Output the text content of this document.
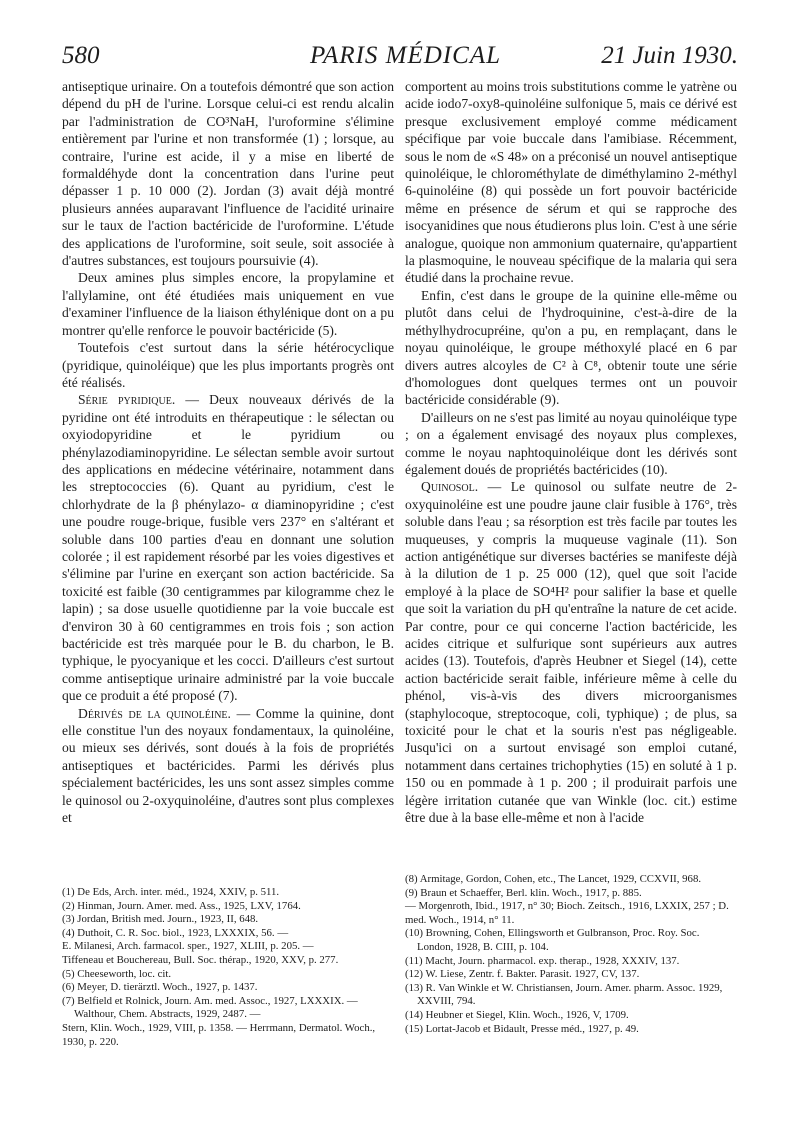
580	PARIS MÉDICAL	21 Juin 1930.

antiseptique urinaire. On a toutefois démontré que son action dépend du pH de l'urine. Lorsque celui-ci est rendu alcalin par l'administration de CO³NaH, l'uroformine s'élimine entièrement par l'urine et non transformée (1) ; lorsque, au contraire, l'urine est acide, il y a mise en liberté de formaldéhyde dont la concentration dans l'urine peut dépasser 1 p. 10 000 (2). Jordan (3) avait déjà montré plusieurs années auparavant l'influence de l'acidité urinaire sur le taux de l'action bactéricide de l'uroformine. L'étude des applications de l'uroformine, soit seule, soit associée à d'autres substances, est toujours poursuivie (4).

Deux amines plus simples encore, la propylamine et l'allylamine, ont été étudiées mais uniquement en vue d'examiner l'influence de la liaison éthylénique dont on a pu montrer qu'elle renforce le pouvoir bactéricide (5).

Toutefois c'est surtout dans la série hétérocyclique (pyridique, quinoléique) que les plus importants progrès ont été réalisés.

Série pyridique. — Deux nouveaux dérivés de la pyridine ont été introduits en thérapeutique : le sélectan ou oxyiodopyridine et le pyridium ou phénylazodiaminopyridine. Le sélectan semble avoir surtout des applications en médecine vétérinaire, notamment dans les streptococcies (6). Quant au pyridium, c'est le chlorhydrate de la β phénylazo- α diaminopyridine ; c'est une poudre rouge-brique, fusible vers 237° en s'altérant et soluble dans 100 parties d'eau en donnant une solution colorée ; il est rapidement résorbé par les voies digestives et s'élimine par l'urine en exerçant son action bactéricide. Sa toxicité est faible (30 centigrammes par kilogramme chez le lapin) ; sa dose usuelle quotidienne par la voie buccale est d'environ 30 à 60 centigrammes en trois fois ; son action bactéricide est très marquée pour le B. du charbon, le B. typhique, le pyocyanique et les cocci. D'ailleurs c'est surtout comme antiseptique urinaire administré par la voie buccale que ce produit a été proposé (7).

Dérivés de la quinoléine. — Comme la quinine, dont elle constitue l'un des noyaux fondamentaux, la quinoléine, ou mieux ses dérivés, sont doués à la fois de propriétés antiseptiques et bactéricides. Parmi les dérivés plus spécialement bactéricides, les uns sont assez simples comme le quinosol ou 2-oxyquinoléine, d'autres sont plus complexes et

comportent au moins trois substitutions comme le yatrène ou acide iodo7-oxy8-quinoléine sulfonique 5, mais ce dérivé est presque exclusivement employé comme médicament spécifique par voie buccale dans l'amibiase. Récemment, sous le nom de «S 48» on a préconisé un nouvel antiseptique quinoléique, le chlorométhylate de diméthylamino 2-méthyl 6-quinoléine (8) qui possède un fort pouvoir bactéricide même en présence de sérum et qui se rapproche des isocyanidines que nous étudierons plus loin. C'est à une série analogue, quoique non ammonium quaternaire, qu'appartient la plasmoquine, le nouveau spécifique de la malaria qui sera étudié dans la prochaine revue.

Enfin, c'est dans le groupe de la quinine elle-même ou plutôt dans celui de l'hydroquinine, c'est-à-dire de la méthylhydrocupréine, qu'on a pu, en remplaçant, dans le noyau quinoléique, le groupe méthoxylé placé en 6 par divers autres alcoyles de C² à C⁸, obtenir toute une série d'homologues dont quelques termes ont un pouvoir bactéricide considérable (9).

D'ailleurs on ne s'est pas limité au noyau quinoléique type ; on a également envisagé des noyaux plus complexes, comme le noyau naphtoquinoléique dont les dérivés sont également doués de propriétés bactéricides (10).

Quinosol. — Le quinosol ou sulfate neutre de 2-oxyquinoléine est une poudre jaune clair fusible à 176°, très soluble dans l'eau ; sa résorption est très facile par toutes les muqueuses, y compris la muqueuse vaginale (11). Son action antigénétique sur diverses bactéries se manifeste déjà à la dilution de 1 p. 25 000 (12), quel que soit l'acide employé à la place de SO⁴H² pour salifier la base et quelle que soit la variation du pH qu'entraîne la nature de cet acide. Par contre, pour ce qui concerne l'action bactéricide, les acides citrique et sulfurique sont supérieurs aux autres acides (13). Toutefois, d'après Heubner et Siegel (14), cette action bactéricide serait faible, inférieure même à celle du phénol, vis-à-vis des divers microorganismes (staphylocoque, streptocoque, coli, typhique) ; de plus, sa toxicité pour le chat et la souris n'est pas négligeable. Jusqu'ici on a surtout envisagé son emploi cutané, notamment dans certaines trichophyties (15) en soluté à 1 p. 150 ou en pommade à 1 p. 200 ; il produirait parfois une légère irritation cutanée que van Winkle (loc. cit.) estime être due à la base elle-même et non à l'acide

(1) De Eds, Arch. inter. méd., 1924, XXIV, p. 511.
(2) Hinman, Journ. Amer. med. Ass., 1925, LXV, 1764.
(3) Jordan, British med. Journ., 1923, II, 648.
(4) Duthoit, C. R. Soc. biol., 1923, LXXXIX, 56. —
E. Milanesi, Arch. farmacol. sper., 1927, XLIII, p. 205. —
Tiffeneau et Bouchereau, Bull. Soc. thérap., 1920, XXV, p. 277.
(5) Cheeseworth, loc. cit.
(6) Meyer, D. tierärztl. Woch., 1927, p. 1437.
(7) Belfield et Rolnick, Journ. Am. med. Assoc., 1927, LXXXIX. — Walthour, Chem. Abstracts, 1929, 2487. —
Stern, Klin. Woch., 1929, VIII, p. 1358. — Herrmann, Dermatol. Woch., 1930, p. 220.
(8) Armitage, Gordon, Cohen, etc., The Lancet, 1929, CCXVII, 968.
(9) Braun et Schaeffer, Berl. klin. Woch., 1917, p. 885.
— Morgenroth, Ibid., 1917, n° 30; Bioch. Zeitsch., 1916, LXXIX, 257 ; D. med. Woch., 1914, n° 11.
(10) Browning, Cohen, Ellingsworth et Gulbranson, Proc. Roy. Soc. London, 1928, B. CIII, p. 104.
(11) Macht, Journ. pharmacol. exp. therap., 1928, XXXIV, 137.
(12) W. Liese, Zentr. f. Bakter. Parasit. 1927, CV, 137.
(13) R. Van Winkle et W. Christiansen, Journ. Amer. pharm. Assoc. 1929, XXVIII, 794.
(14) Heubner et Siegel, Klin. Woch., 1926, V, 1709.
(15) Lortat-Jacob et Bidault, Presse méd., 1927, p. 49.
